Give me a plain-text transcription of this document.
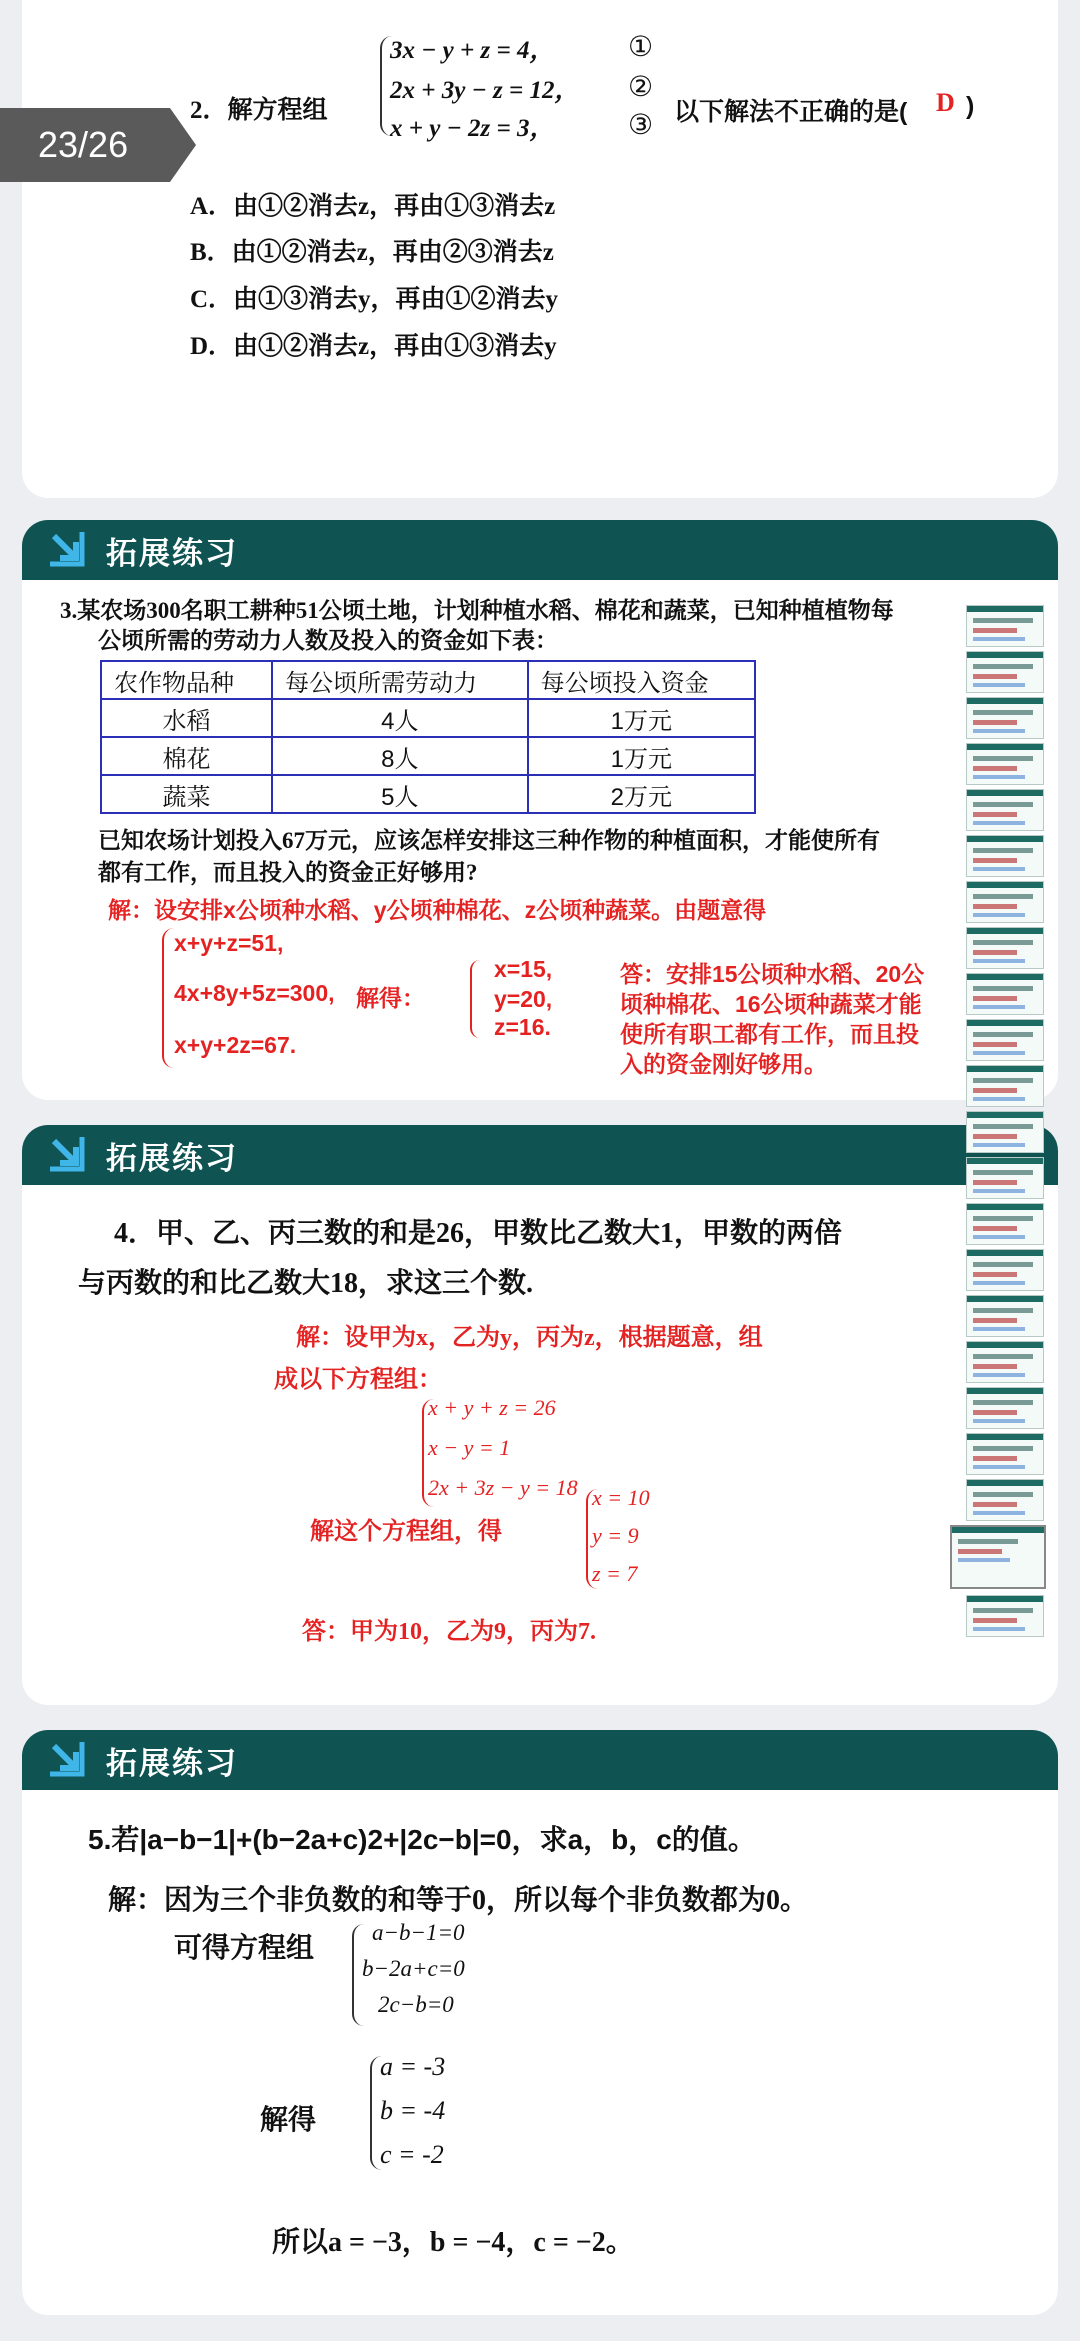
2．解方程组
3x − y + z = 4，
2x + 3y − z = 12，
x + y − 2z = 3，
①
②
③ 以下解法不正确的是( D )
A．由①②消去z，再由①③消去z
B．由①②消去z，再由②③消去z
C．由①③消去y，再由①②消去y
D．由①②消去z，再由①③消去y
23/26
拓展练习
3.某农场300名职工耕种51公顷土地，计划种植水稻、棉花和蔬菜，已知种植植物每
公顷所需的劳动力人数及投入的资金如下表：
农作物品种	每公顷所需劳动力	每公顷投入资金
水稻	4人	1万元
棉花	8人	1万元
蔬菜	5人	2万元
已知农场计划投入67万元，应该怎样安排这三种作物的种植面积，才能使所有
都有工作，而且投入的资金正好够用?
解：设安排x公顷种水稻、y公顷种棉花、z公顷种蔬菜。由题意得
x+y+z=51,
4x+8y+5z=300, 解得：
x+y+2z=67.
x=15,
y=20,
z=16.
答：安排15公顷种水稻、20公
顷种棉花、16公顷种蔬菜才能
使所有职工都有工作，而且投
入的资金刚好够用。
拓展练习
4．甲、乙、丙三数的和是26，甲数比乙数大1，甲数的两倍
与丙数的和比乙数大18，求这三个数.
解：设甲为x，乙为y，丙为z，根据题意，组
成以下方程组：
x + y + z = 26
x − y = 1
2x + 3z − y = 18
解这个方程组，得
x = 10
y = 9
z = 7
答：甲为10，乙为9，丙为7.
拓展练习
5.若|a−b−1|+(b−2a+c)2+|2c−b|=0，求a，b，c的值。
解：因为三个非负数的和等于0，所以每个非负数都为0。
可得方程组
a−b−1=0
b−2a+c=0
2c−b=0
解得
a = -3
b = -4
c = -2
所以a = −3，b = −4，c = −2。
